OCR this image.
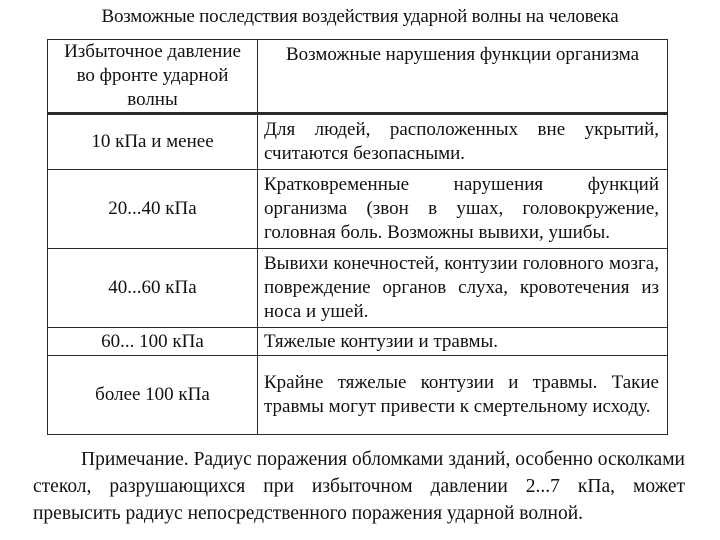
Возможные последствия воздействия ударной волны на человека
Избыточное давление во фронте ударной волны	Возможные нарушения функции организма
10 кПа и менее	Для людей, расположенных вне укрытий, считаются безопасными.
20...40 кПа	Кратковременные нарушения функций организма (звон в ушах, головокружение, головная боль. Возможны вывихи, ушибы.
40...60 кПа	Вывихи конечностей, контузии головного мозга, повреждение органов слуха, кровотечения из носа и ушей.
60... 100 кПа	Тяжелые контузии и травмы.
более 100 кПа	Крайне тяжелые контузии и травмы. Такие травмы могут привести к смертельному исходу.
Примечание. Радиус поражения обломками зданий, особенно осколками стекол, разрушающихся при избыточном давлении 2...7 кПа, может превысить радиус непосредственного поражения ударной волной.
